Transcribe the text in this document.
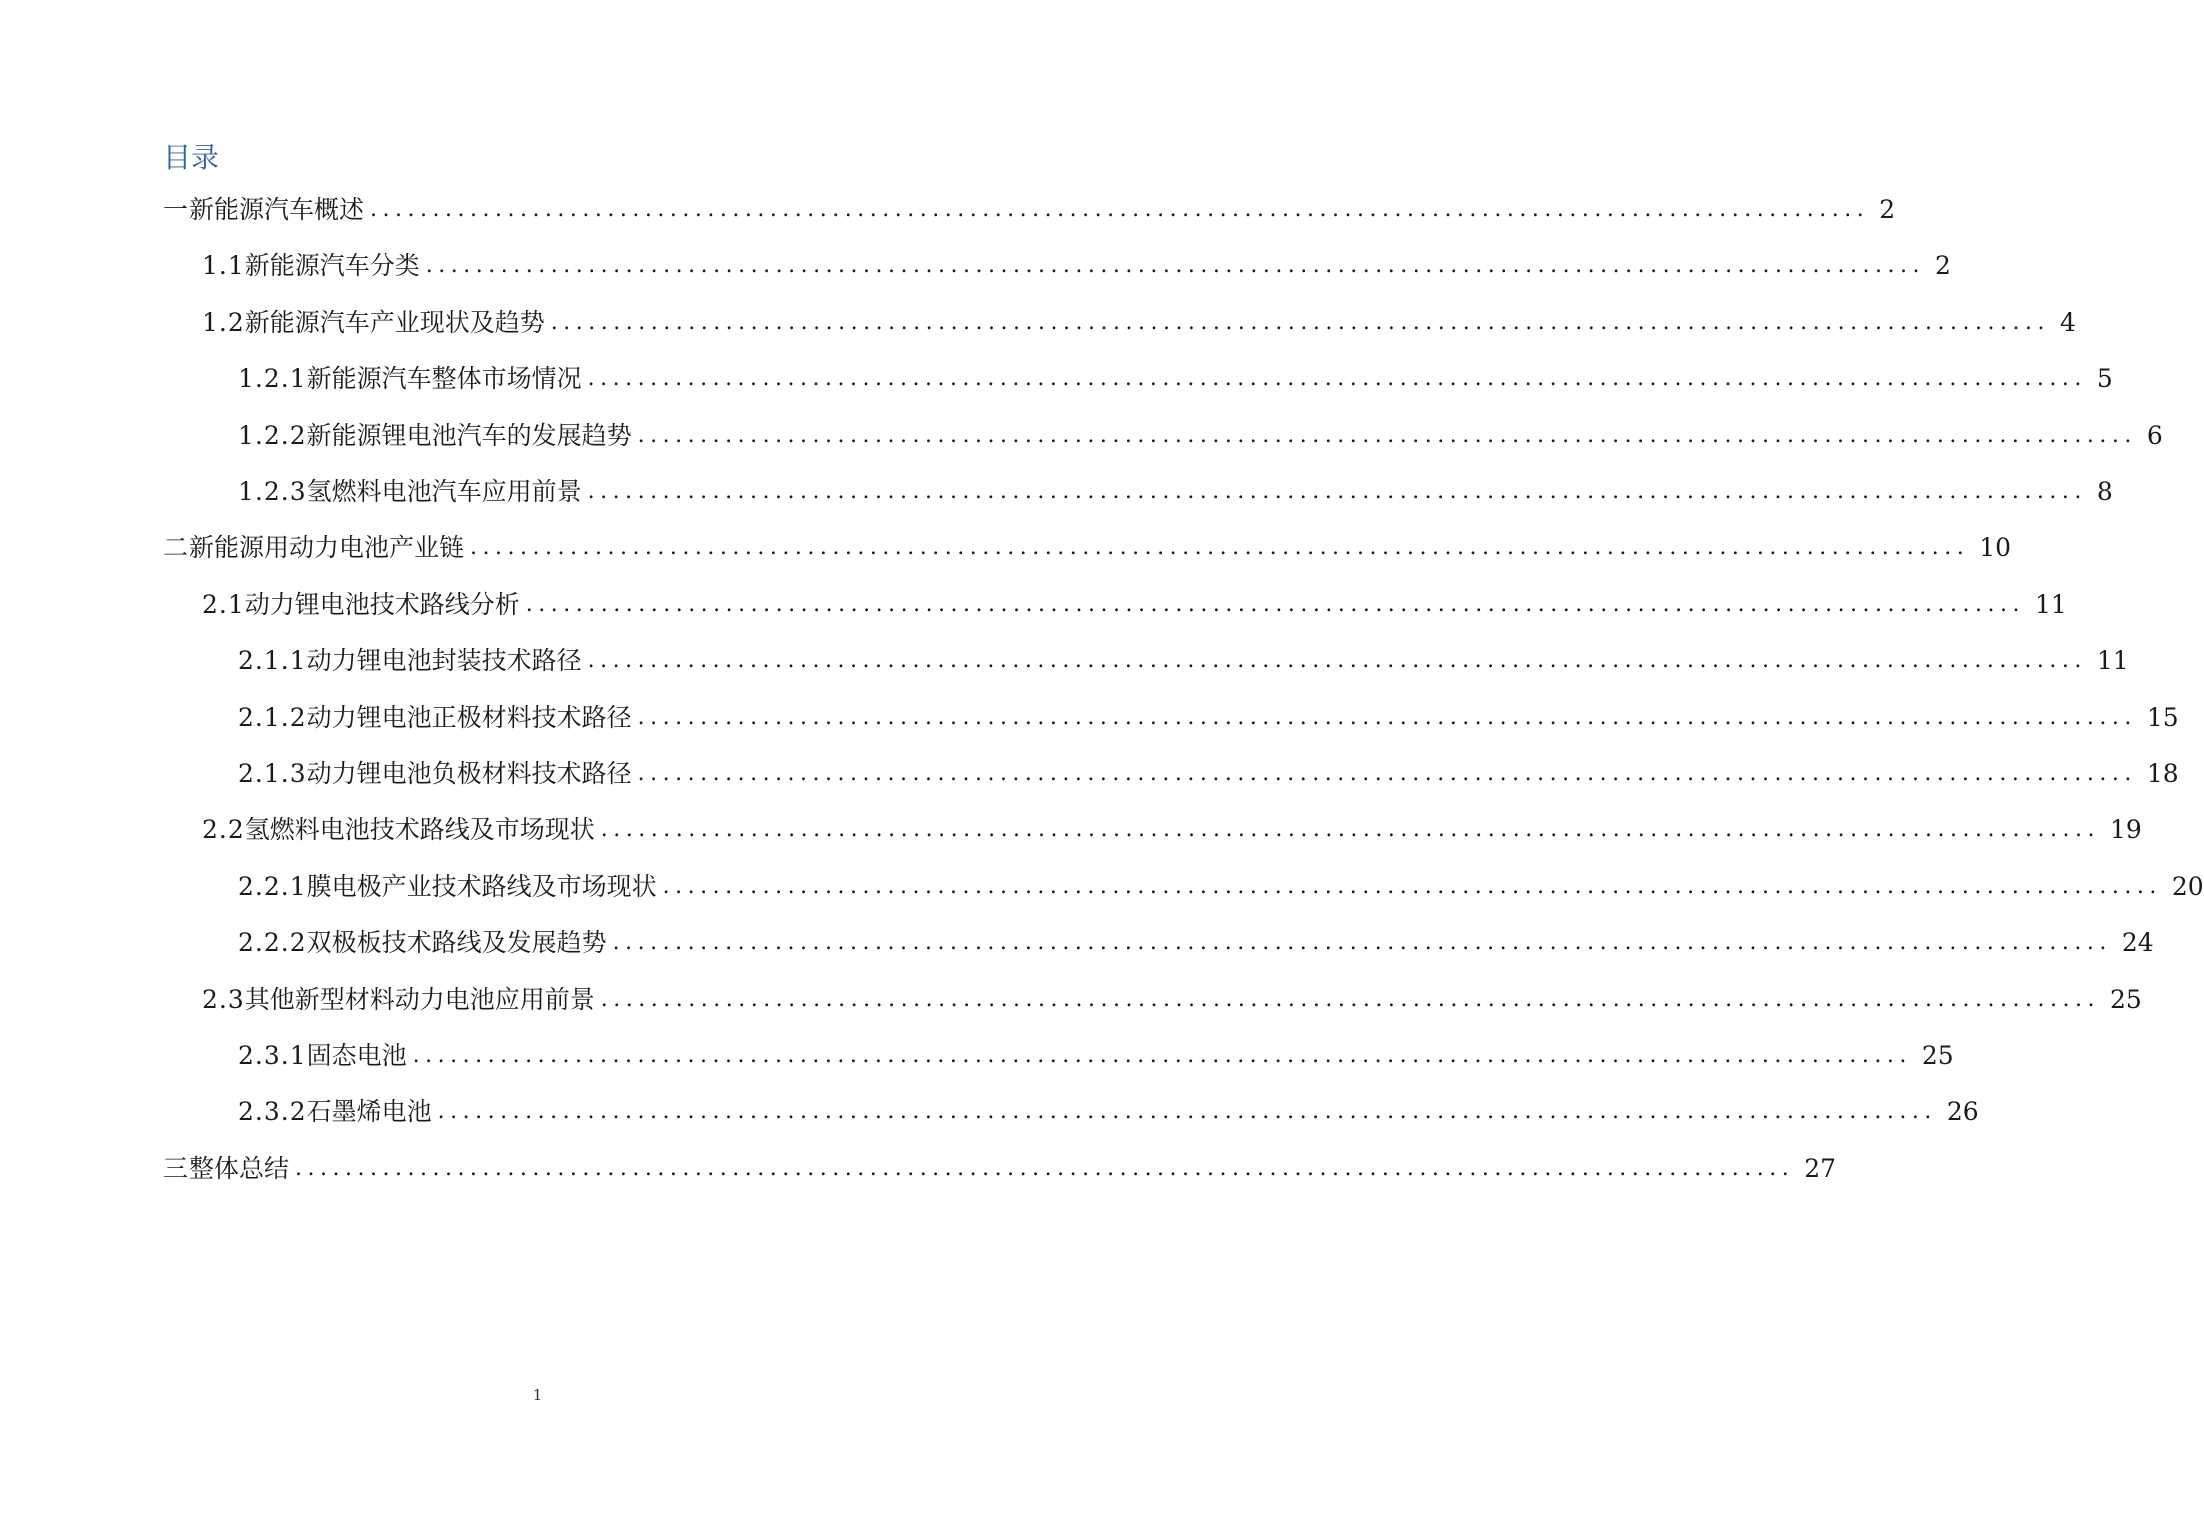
目录
一 新能源汽车概述 ........................................................................................................................ 2
1.1 新能源汽车分类 ........................................................................................................................ 2
1.2 新能源汽车产业现状及趋势 ........................................................................................................................ 4
1.2.1 新能源汽车整体市场情况 ........................................................................................................................ 5
1.2.2 新能源锂电池汽车的发展趋势 ........................................................................................................................ 6
1.2.3 氢燃料电池汽车应用前景 ........................................................................................................................ 8
二 新能源用动力电池产业链 ........................................................................................................................ 10
2.1 动力锂电池技术路线分析 ........................................................................................................................ 11
2.1.1 动力锂电池封装技术路径 ........................................................................................................................ 11
2.1.2 动力锂电池正极材料技术路径 ........................................................................................................................ 15
2.1.3 动力锂电池负极材料技术路径 ........................................................................................................................ 18
2.2 氢燃料电池技术路线及市场现状 ........................................................................................................................ 19
2.2.1 膜电极产业技术路线及市场现状 ........................................................................................................................ 20
2.2.2 双极板技术路线及发展趋势 ........................................................................................................................ 24
2.3 其他新型材料动力电池应用前景 ........................................................................................................................ 25
2.3.1 固态电池 ........................................................................................................................ 25
2.3.2 石墨烯电池 ........................................................................................................................ 26
三 整体总结 ........................................................................................................................ 27
1
